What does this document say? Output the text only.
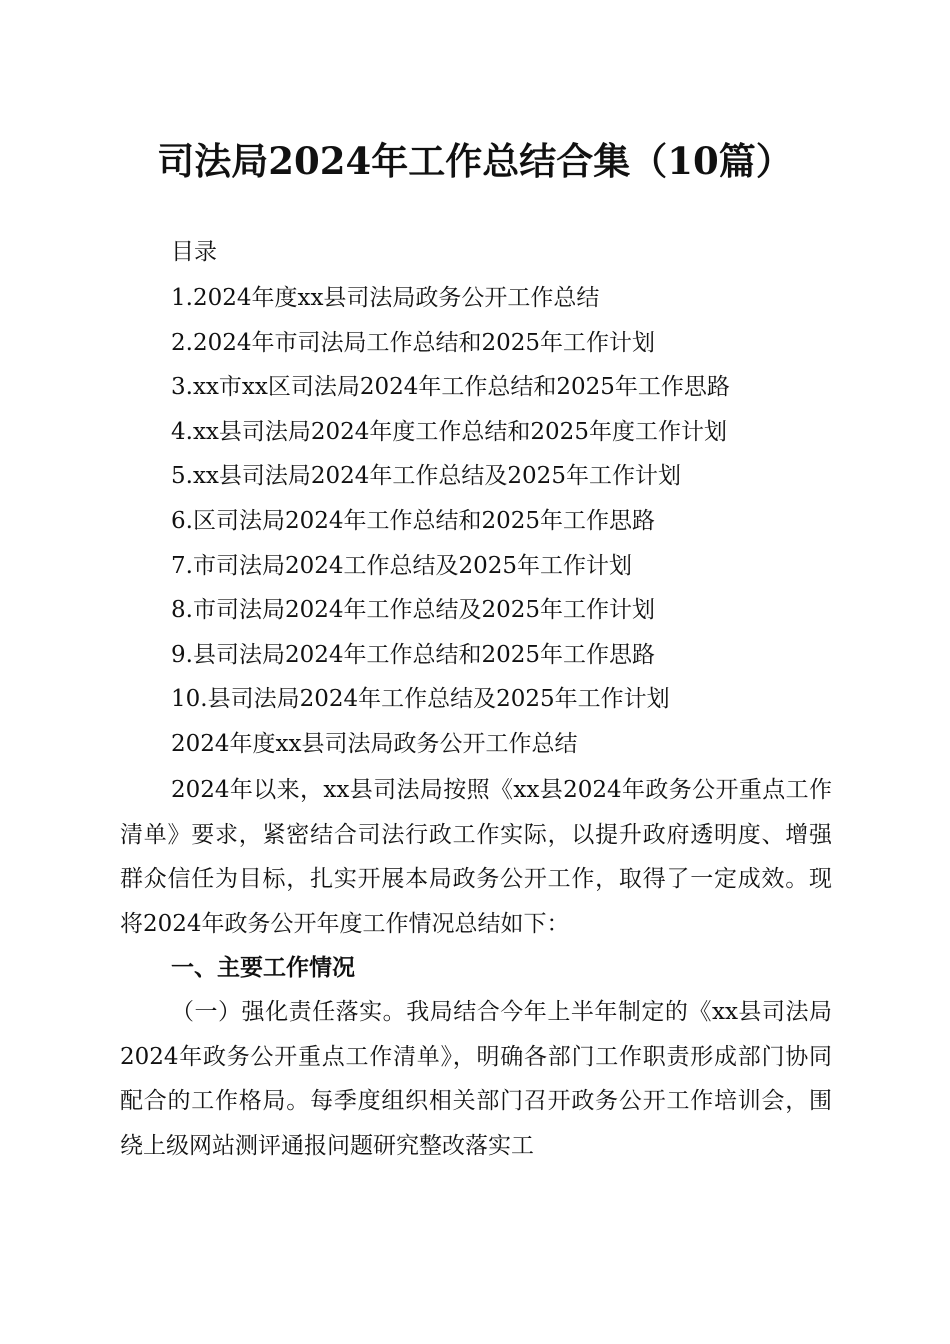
司法局2024年工作总结合集（10篇）
目录
1.2024年度xx县司法局政务公开工作总结
2.2024年市司法局工作总结和2025年工作计划
3.xx市xx区司法局2024年工作总结和2025年工作思路
4.xx县司法局2024年度工作总结和2025年度工作计划
5.xx县司法局2024年工作总结及2025年工作计划
6.区司法局2024年工作总结和2025年工作思路
7.市司法局2024工作总结及2025年工作计划
8.市司法局2024年工作总结及2025年工作计划
9.县司法局2024年工作总结和2025年工作思路
10.县司法局2024年工作总结及2025年工作计划
2024年度xx县司法局政务公开工作总结

2024年以来，xx县司法局按照《xx县2024年政务公开重点工作清单》要求，紧密结合司法行政工作实际，以提升政府透明度、增强群众信任为目标，扎实开展本局政务公开工作，取得了一定成效。现将2024年政务公开年度工作情况总结如下：

一、主要工作情况

（一）强化责任落实。我局结合今年上半年制定的《xx县司法局2024年政务公开重点工作清单》，明确各部门工作职责形成部门协同配合的工作格局。每季度组织相关部门召开政务公开工作培训会，围绕上级网站测评通报问题研究整改落实工
